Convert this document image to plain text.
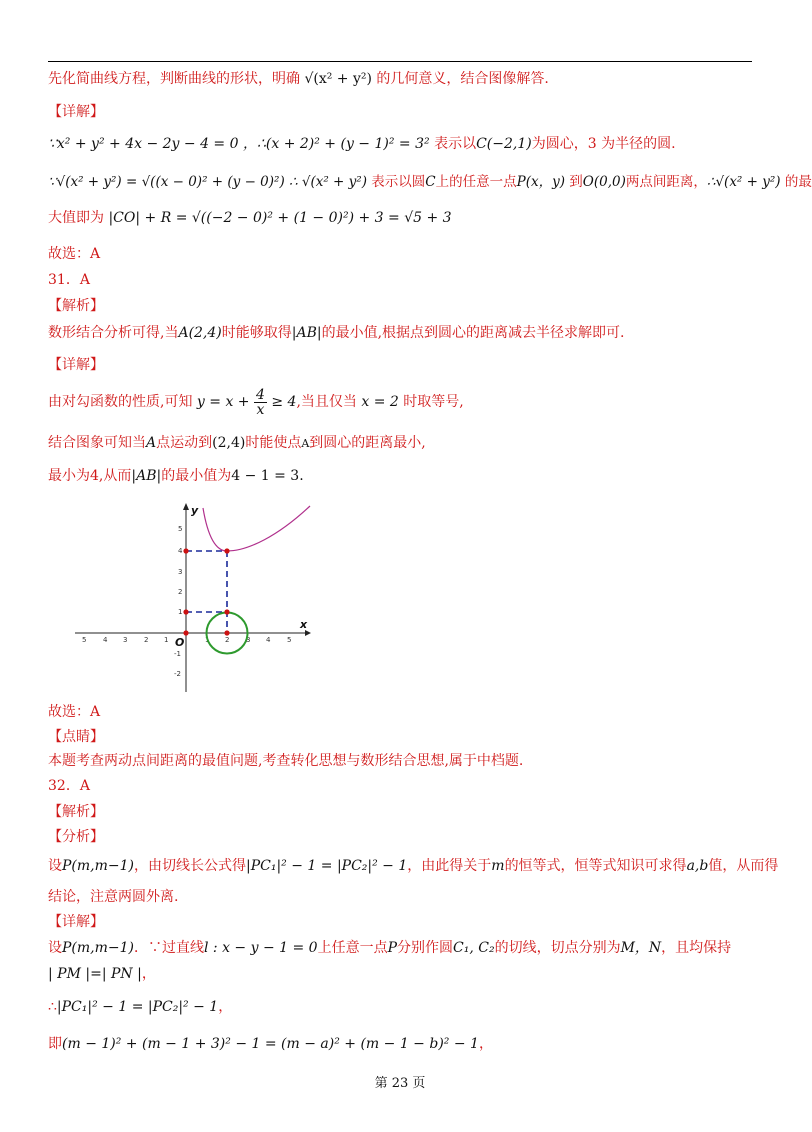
先化简曲线方程，判断曲线的形状，明确 √(x² + y²) 的几何意义，结合图像解答.
【详解】
∵x² + y² + 4x − 2y − 4 = 0 ，∴(x + 2)² + (y − 1)² = 3² 表示以C(−2,1)为圆心，3 为半径的圆.
∵√(x² + y²) = √((x − 0)² + (y − 0)²) ∴ √(x² + y²) 表示以圆C上的任意一点P(x，y) 到O(0,0)两点间距离，∴√(x² + y²) 的最
大值即为 |CO| + R = √((−2 − 0)² + (1 − 0)²) + 3 = √5 + 3
故选：A
31．A
【解析】
数形结合分析可得,当A(2,4)时能够取得|AB|的最小值,根据点到圆心的距离减去半径求解即可.
【详解】
由对勾函数的性质,可知 $y = x + \frac{4}{x} \ge 4$,当且仅当 x = 2 时取等号,
结合图象可知当A点运动到(2,4)时能使点A到圆心的距离最小,
最小为4,从而|AB|的最小值为4 − 1 = 3.
y
x
O
5 4 3 2 1	1 2 3 4 5
5
4
3
2
1
-1
-2
故选：A
【点睛】
本题考查两动点间距离的最值问题,考查转化思想与数形结合思想,属于中档题.
32．A
【解析】
【分析】
设P(m,m−1)，由切线长公式得|PC₁|² − 1 = |PC₂|² − 1，由此得关于m的恒等式，恒等式知识可求得a,b值，从而得
结论，注意两圆外离.
【详解】
设P(m,m−1)．∵过直线l : x − y − 1 = 0上任意一点P分别作圆C₁, C₂的切线，切点分别为M，N，且均保持
| PM |=| PN |，
∴|PC₁|² − 1 = |PC₂|² − 1，
即(m − 1)² + (m − 1 + 3)² − 1 = (m − a)² + (m − 1 − b)² − 1，
第 23 页
